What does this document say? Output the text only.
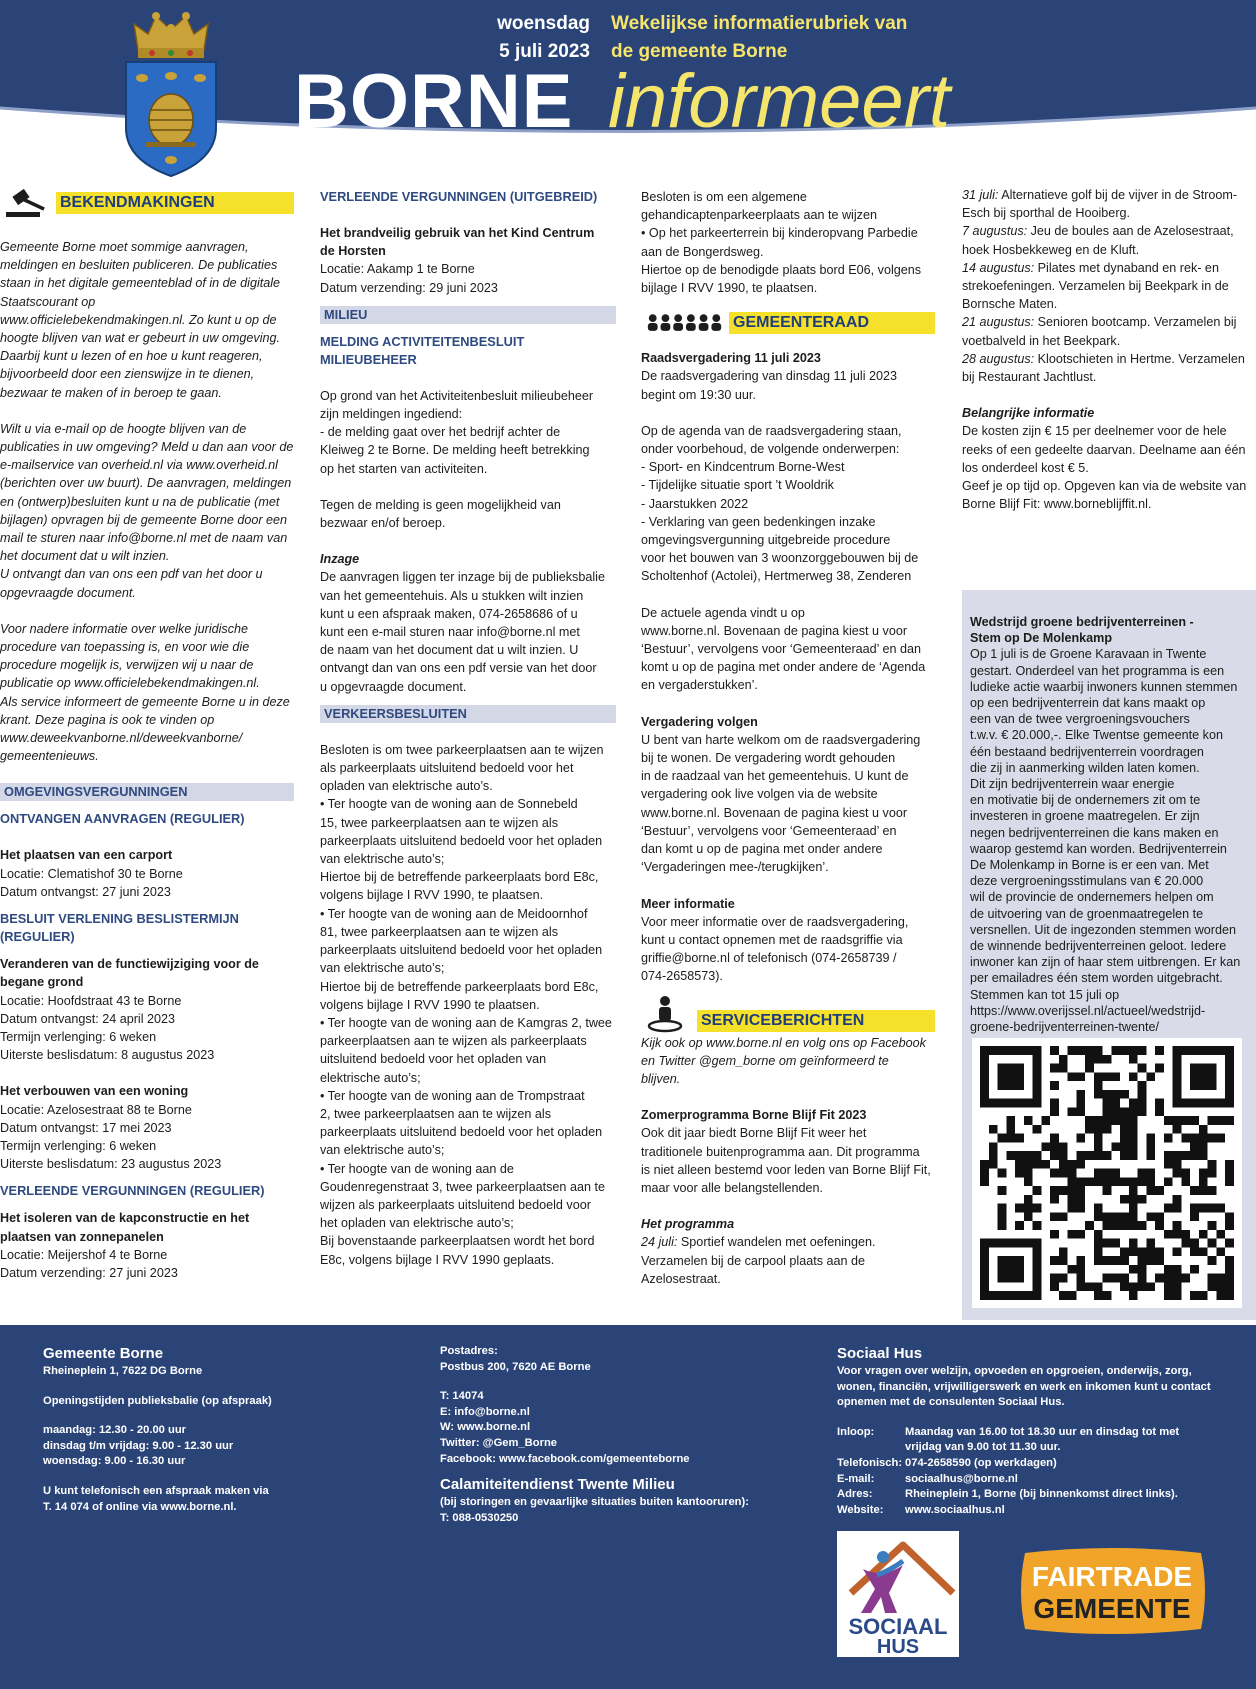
woensdag
5 juli 2023
Wekelijkse informatierubriek van
de gemeente Borne
BORNE informeert
BEKENDMAKINGEN

Gemeente Borne moet sommige aanvragen,

meldingen en besluiten publiceren. De publicaties

staan in het digitale gemeenteblad of in de digitale

Staatscourant op

www.officielebekendmakingen.nl. Zo kunt u op de

hoogte blijven van wat er gebeurt in uw omgeving.

Daarbij kunt u lezen of en hoe u kunt reageren,

bijvoorbeeld door een zienswijze in te dienen,

bezwaar te maken of in beroep te gaan.

Wilt u via e-mail op de hoogte blijven van de

publicaties in uw omgeving? Meld u dan aan voor de

e-mailservice van overheid.nl via www.overheid.nl

(berichten over uw buurt). De aanvragen, meldingen

en (ontwerp)besluiten kunt u na de publicatie (met

bijlagen) opvragen bij de gemeente Borne door een

mail te sturen naar info@borne.nl met de naam van

het document dat u wilt inzien.

U ontvangt dan van ons een pdf van het door u

opgevraagde document.

Voor nadere informatie over welke juridische

procedure van toepassing is, en voor wie die

procedure mogelijk is, verwijzen wij u naar de

publicatie op www.officielebekendmakingen.nl.

Als service informeert de gemeente Borne u in deze

krant. Deze pagina is ook te vinden op

www.deweekvanborne.nl/deweekvanborne/

gemeentenieuws.

OMGEVINGSVERGUNNINGEN
ONTVANGEN AANVRAGEN (REGULIER)

Het plaatsen van een carport

Locatie: Clematishof 30 te Borne

Datum ontvangst: 27 juni 2023

BESLUIT VERLENING BESLISTERMIJN (REGULIER)

Veranderen van de functiewijziging voor de

begane grond

Locatie: Hoofdstraat 43 te Borne

Datum ontvangst: 24 april 2023

Termijn verlenging: 6 weken

Uiterste beslisdatum: 8 augustus 2023

Het verbouwen van een woning

Locatie: Azelosestraat 88 te Borne

Datum ontvangst: 17 mei 2023

Termijn verlenging: 6 weken

Uiterste beslisdatum: 23 augustus 2023

VERLEENDE VERGUNNINGEN (REGULIER)

Het isoleren van de kapconstructie en het

plaatsen van zonnepanelen

Locatie: Meijershof 4 te Borne

Datum verzending: 27 juni 2023

VERLEENDE VERGUNNINGEN (UITGEBREID)

Het brandveilig gebruik van het Kind Centrum

de Horsten

Locatie: Aakamp 1 te Borne

Datum verzending: 29 juni 2023

MILIEU
MELDING ACTIVITEITENBESLUIT MILIEUBEHEER

Op grond van het Activiteitenbesluit milieubeheer

zijn meldingen ingediend:

- de melding gaat over het bedrijf achter de

Kleiweg 2 te Borne. De melding heeft betrekking

op het starten van activiteiten.

Tegen de melding is geen mogelijkheid van

bezwaar en/of beroep.

Inzage

De aanvragen liggen ter inzage bij de publieksbalie

van het gemeentehuis. Als u stukken wilt inzien

kunt u een afspraak maken, 074-2658686 of u

kunt een e-mail sturen naar info@borne.nl met

de naam van het document dat u wilt inzien. U

ontvangt dan van ons een pdf versie van het door

u opgevraagde document.

VERKEERSBESLUITEN

Besloten is om twee parkeerplaatsen aan te wijzen

als parkeerplaats uitsluitend bedoeld voor het

opladen van elektrische auto’s.

• Ter hoogte van de woning aan de Sonnebeld

15, twee parkeerplaatsen aan te wijzen als

parkeerplaats uitsluitend bedoeld voor het opladen

van elektrische auto’s;

Hiertoe bij de betreffende parkeerplaats bord E8c,

volgens bijlage I RVV 1990, te plaatsen.

• Ter hoogte van de woning aan de Meidoornhof

81, twee parkeerplaatsen aan te wijzen als

parkeerplaats uitsluitend bedoeld voor het opladen

van elektrische auto’s;

Hiertoe bij de betreffende parkeerplaats bord E8c,

volgens bijlage I RVV 1990 te plaatsen.

• Ter hoogte van de woning aan de Kamgras 2, twee

parkeerplaatsen aan te wijzen als parkeerplaats

uitsluitend bedoeld voor het opladen van

elektrische auto’s;

• Ter hoogte van de woning aan de Trompstraat

2, twee parkeerplaatsen aan te wijzen als

parkeerplaats uitsluitend bedoeld voor het opladen

van elektrische auto’s;

• Ter hoogte van de woning aan de

Goudenregenstraat 3, twee parkeerplaatsen aan te

wijzen als parkeerplaats uitsluitend bedoeld voor

het opladen van elektrische auto’s;

Bij bovenstaande parkeerplaatsen wordt het bord

E8c, volgens bijlage I RVV 1990 geplaats.

Besloten is om een algemene

gehandicaptenparkeerplaats aan te wijzen

• Op het parkeerterrein bij kinderopvang Parbedie

aan de Bongerdsweg.

Hiertoe op de benodigde plaats bord E06, volgens

bijlage I RVV 1990, te plaatsen.

GEMEENTERAAD

Raadsvergadering 11 juli 2023

De raadsvergadering van dinsdag 11 juli 2023

begint om 19:30 uur.

Op de agenda van de raadsvergadering staan,

onder voorbehoud, de volgende onderwerpen:

- Sport- en Kindcentrum Borne-West

- Tijdelijke situatie sport ’t Wooldrik

- Jaarstukken 2022

- Verklaring van geen bedenkingen inzake

omgevingsvergunning uitgebreide procedure

voor het bouwen van 3 woonzorggebouwen bij de

Scholtenhof (Actolei), Hertmerweg 38, Zenderen

De actuele agenda vindt u op

www.borne.nl. Bovenaan de pagina kiest u voor

‘Bestuur’, vervolgens voor ‘Gemeenteraad’ en dan

komt u op de pagina met onder andere de ‘Agenda

en vergaderstukken’.

Vergadering volgen

U bent van harte welkom om de raadsvergadering

bij te wonen. De vergadering wordt gehouden

in de raadzaal van het gemeentehuis. U kunt de

vergadering ook live volgen via de website

www.borne.nl. Bovenaan de pagina kiest u voor

‘Bestuur’, vervolgens voor ‘Gemeenteraad’ en

dan komt u op de pagina met onder andere

‘Vergaderingen mee-/terugkijken’.

Meer informatie

Voor meer informatie over de raadsvergadering,

kunt u contact opnemen met de raadsgriffie via

griffie@borne.nl of telefonisch (074-2658739 /

074-2658573).

SERVICEBERICHTEN

Kijk ook op www.borne.nl en volg ons op Facebook

en Twitter @gem_borne om geïnformeerd te

blijven.

Zomerprogramma Borne Blijf Fit 2023

Ook dit jaar biedt Borne Blijf Fit weer het

traditionele buitenprogramma aan. Dit programma

is niet alleen bestemd voor leden van Borne Blijf Fit,

maar voor alle belangstellenden.

Het programma

24 juli: Sportief wandelen met oefeningen.

Verzamelen bij de carpool plaats aan de

Azelosestraat.

31 juli: Alternatieve golf bij de vijver in de Stroom-

Esch bij sporthal de Hooiberg.

7 augustus: Jeu de boules aan de Azelosestraat,

hoek Hosbekkeweg en de Kluft.

14 augustus: Pilates met dynaband en rek- en

strekoefeningen. Verzamelen bij Beekpark in de

Bornsche Maten.

21 augustus: Senioren bootcamp. Verzamelen bij

voetbalveld in het Beekpark.

28 augustus: Klootschieten in Hertme. Verzamelen

bij Restaurant Jachtlust.

Belangrijke informatie

De kosten zijn € 15 per deelnemer voor de hele

reeks of een gedeelte daarvan. Deelname aan één

los onderdeel kost € 5.

Geef je op tijd op. Opgeven kan via de website van

Borne Blijf Fit: www.borneblijffit.nl.

Wedstrijd groene bedrijventerreinen -

Stem op De Molenkamp

Op 1 juli is de Groene Karavaan in Twente

gestart. Onderdeel van het programma is een

ludieke actie waarbij inwoners kunnen stemmen

op een bedrijventerrein dat kans maakt op

een van de twee vergroeningsvouchers

t.w.v. € 20.000,-. Elke Twentse gemeente kon

één bestaand bedrijventerrein voordragen

die zij in aanmerking wilden laten komen.

Dit zijn bedrijventerrein waar energie

en motivatie bij de ondernemers zit om te

investeren in groene maatregelen. Er zijn

negen bedrijventerreinen die kans maken en

waarop gestemd kan worden. Bedrijventerrein

De Molenkamp in Borne is er een van. Met

deze vergroeningsstimulans van € 20.000

wil de provincie de ondernemers helpen om

de uitvoering van de groenmaatregelen te

versnellen. Uit de ingezonden stemmen worden

de winnende bedrijventerreinen geloot. Iedere

inwoner kan zijn of haar stem uitbrengen. Er kan

per emailadres één stem worden uitgebracht.

Stemmen kan tot 15 juli op

https://www.overijssel.nl/actueel/wedstrijd-

groene-bedrijventerreinen-twente/

Gemeente Borne
Rheineplein 1, 7622 DG Borne
Openingstijden publieksbalie (op afspraak)
maandag: 12.30 - 20.00 uur
dinsdag t/m vrijdag: 9.00 - 12.30 uur
woensdag: 9.00 - 16.30 uur
U kunt telefonisch een afspraak maken via
T. 14 074 of online via www.borne.nl.
Postadres:
Postbus 200, 7620 AE Borne
T: 14074
E: info@borne.nl
W: www.borne.nl
Twitter: @Gem_Borne
Facebook: www.facebook.com/gemeenteborne
Calamiteitendienst Twente Milieu
(bij storingen en gevaarlijke situaties buiten kantooruren):
T: 088-0530250
Sociaal Hus
Voor vragen over welzijn, opvoeden en opgroeien, onderwijs, zorg,
wonen, financiën, vrijwilligerswerk en werk en inkomen kunt u contact
opnemen met de consulenten Sociaal Hus.
Inloop:	Maandag van 16.00 tot 18.30 uur en dinsdag tot met
vrijdag van 9.00 tot 11.30 uur.
Telefonisch: 074-2658590 (op werkdagen)
E-mail:	sociaalhus@borne.nl
Adres:	Rheineplein 1, Borne (bij binnenkomst direct links).
Website:	www.sociaalhus.nl
SOCIAAL
HUS
FAIRTRADE
GEMEENTE
